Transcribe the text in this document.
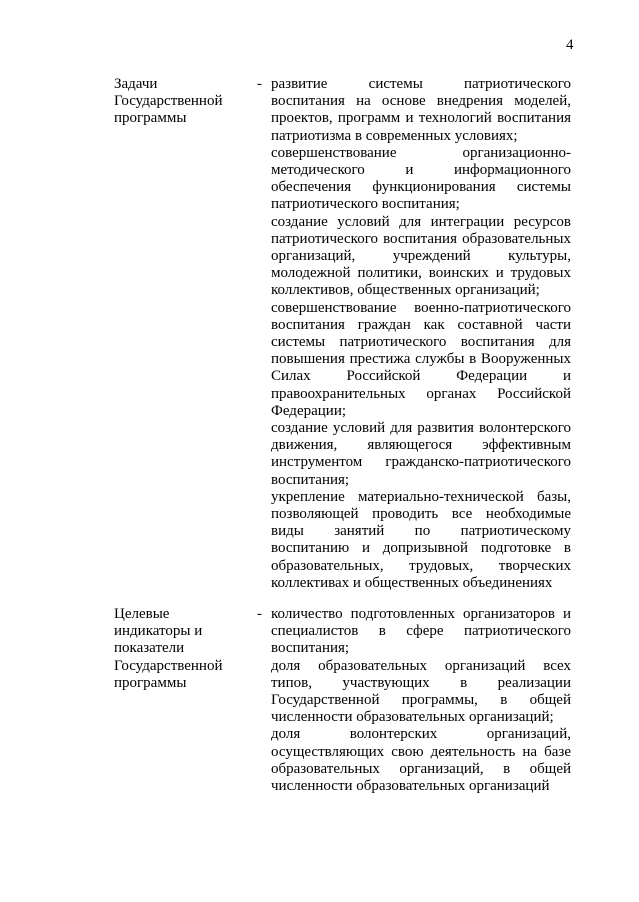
4
Задачи
Государственной
программы
- развитие системы патриотического воспитания на основе внедрения моделей, проектов, программ и технологий воспитания патриотизма в современных условиях;

совершенствование организационно-методического и информационного обеспечения функционирования системы патриотического воспитания;

создание условий для интеграции ресурсов патриотического воспитания образовательных организаций, учреждений культуры, молодежной политики, воинских и трудовых коллективов, общественных организаций;

совершенствование военно-патриотического воспитания граждан как составной части системы патриотического воспитания для повышения престижа службы в Вооруженных Силах Российской Федерации и правоохранительных органах Российской Федерации;

создание условий для развития волонтерского движения, являющегося эффективным инструментом гражданско-патриотического воспитания;

укрепление материально-технической базы, позволяющей проводить все необходимые виды занятий по патриотическому воспитанию и допризывной подготовке в образовательных, трудовых, творческих коллективах и общественных объединениях

Целевые
индикаторы и
показатели
Государственной
программы
- количество подготовленных организаторов и специалистов в сфере патриотического воспитания;

доля образовательных организаций всех типов, участвующих в реализации Государственной программы, в общей численности образовательных организаций;

доля волонтерских организаций, осуществляющих свою деятельность на базе образовательных организаций, в общей численности образовательных организаций
